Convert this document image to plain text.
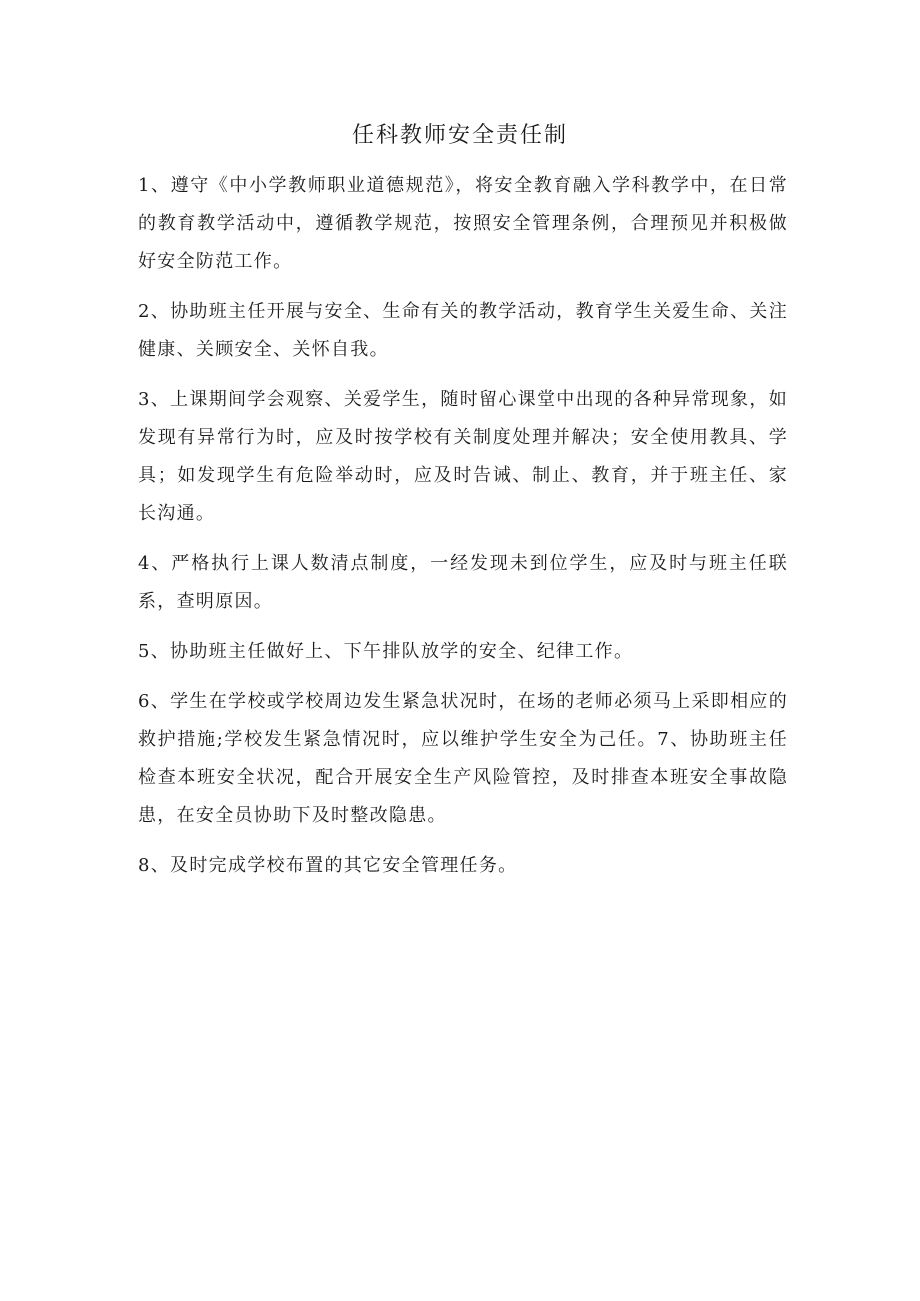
任科教师安全责任制

1、遵守《中小学教师职业道德规范》，将安全教育融入学科教学中，在日常的教育教学活动中，遵循教学规范，按照安全管理条例，合理预见并积极做好安全防范工作。

2、协助班主任开展与安全、生命有关的教学活动，教育学生关爱生命、关注健康、关顾安全、关怀自我。

3、上课期间学会观察、关爱学生，随时留心课堂中出现的各种异常现象，如发现有异常行为时，应及时按学校有关制度处理并解决；安全使用教具、学具；如发现学生有危险举动时，应及时告诫、制止、教育，并于班主任、家长沟通。

4、严格执行上课人数清点制度，一经发现未到位学生，应及时与班主任联系，查明原因。

5、协助班主任做好上、下午排队放学的安全、纪律工作。

6、学生在学校或学校周边发生紧急状况时，在场的老师必须马上采即相应的救护措施;学校发生紧急情况时，应以维护学生安全为己任。7、协助班主任检查本班安全状况，配合开展安全生产风险管控，及时排查本班安全事故隐患，在安全员协助下及时整改隐患。

8、及时完成学校布置的其它安全管理任务。
